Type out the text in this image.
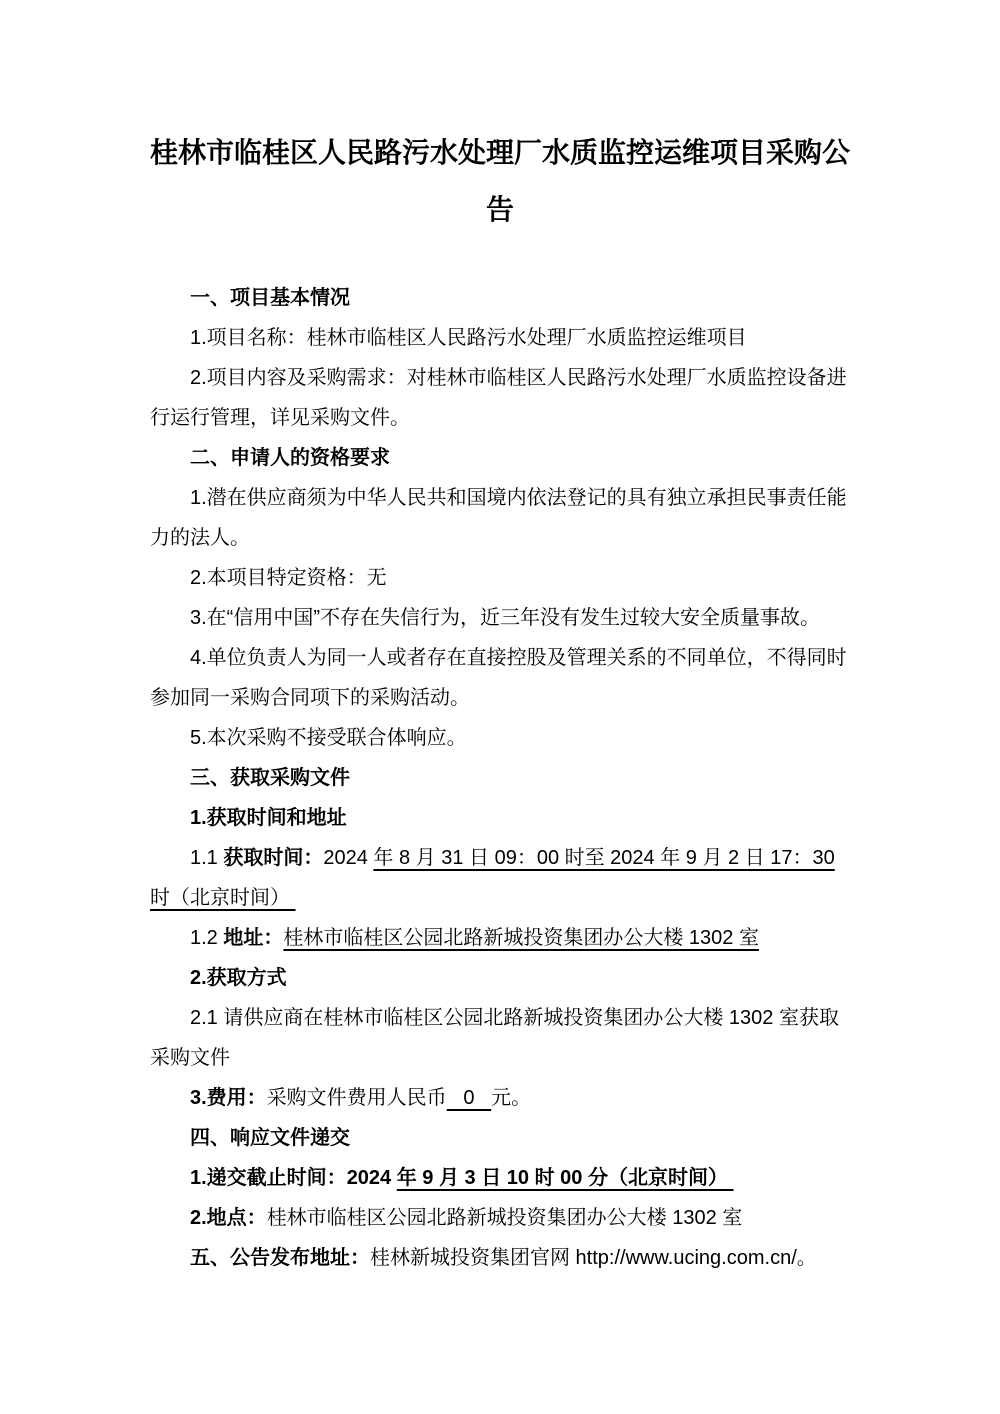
桂林市临桂区人民路污水处理厂水质监控运维项目采购公
告

一、项目基本情况

1.项目名称：桂林市临桂区人民路污水处理厂水质监控运维项目

2.项目内容及采购需求：对桂林市临桂区人民路污水处理厂水质监控设备进行运行管理，详见采购文件。

二、申请人的资格要求

1.潜在供应商须为中华人民共和国境内依法登记的具有独立承担民事责任能力的法人。

2.本项目特定资格：无

3.在“信用中国”不存在失信行为，近三年没有发生过较大安全质量事故。

4.单位负责人为同一人或者存在直接控股及管理关系的不同单位，不得同时参加同一采购合同项下的采购活动。

5.本次采购不接受联合体响应。

三、获取采购文件

1.获取时间和地址

1.1 获取时间：2024 年 8 月 31 日 09：00 时至 2024 年 9 月 2 日 17：30 时（北京时间）

1.2 地址：桂林市临桂区公园北路新城投资集团办公大楼 1302 室

2.获取方式

2.1 请供应商在桂林市临桂区公园北路新城投资集团办公大楼 1302 室获取采购文件

3.费用：采购文件费用人民币   0   元。

四、响应文件递交

1.递交截止时间：2024 年 9 月 3 日 10 时 00 分（北京时间）

2.地点：桂林市临桂区公园北路新城投资集团办公大楼 1302 室

五、公告发布地址：桂林新城投资集团官网 http://www.ucing.com.cn/。
